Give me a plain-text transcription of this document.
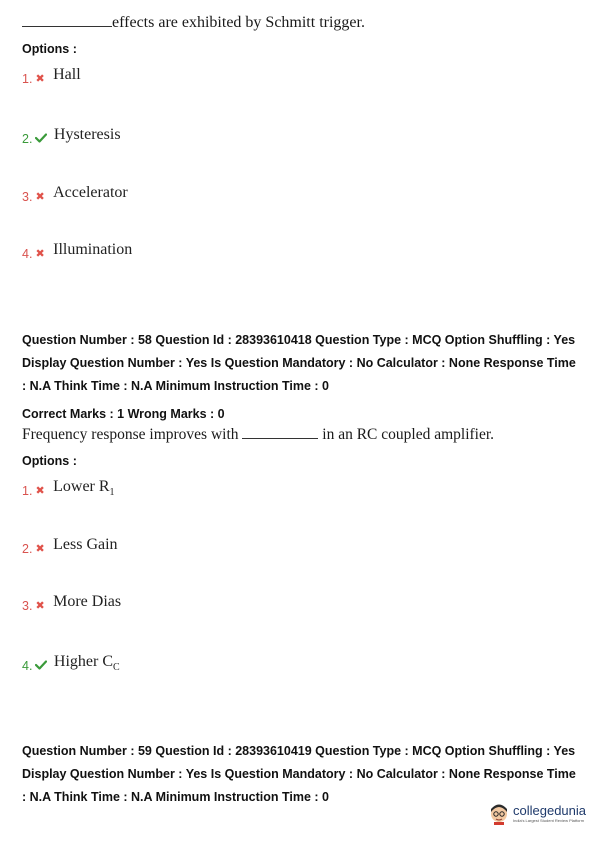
effects are exhibited by Schmitt trigger.
Options :
1. ✖ Hall
2. Hysteresis
3. ✖ Accelerator
4. ✖ Illumination
Question Number : 58 Question Id : 28393610418 Question Type : MCQ Option Shuffling : Yes Display Question Number : Yes Is Question Mandatory : No Calculator : None Response Time : N.A Think Time : N.A Minimum Instruction Time : 0
Correct Marks : 1 Wrong Marks : 0
Frequency response improves with	in an RC coupled amplifier.
Options :
1. ✖ Lower $R_1$
2. ✖ Less Gain
3. ✖ More Dias
4. Higher $C_C$
Question Number : 59 Question Id : 28393610419 Question Type : MCQ Option Shuffling : Yes Display Question Number : Yes Is Question Mandatory : No Calculator : None Response Time : N.A Think Time : N.A Minimum Instruction Time : 0
collegedunia
India's Largest Student Review Platform
